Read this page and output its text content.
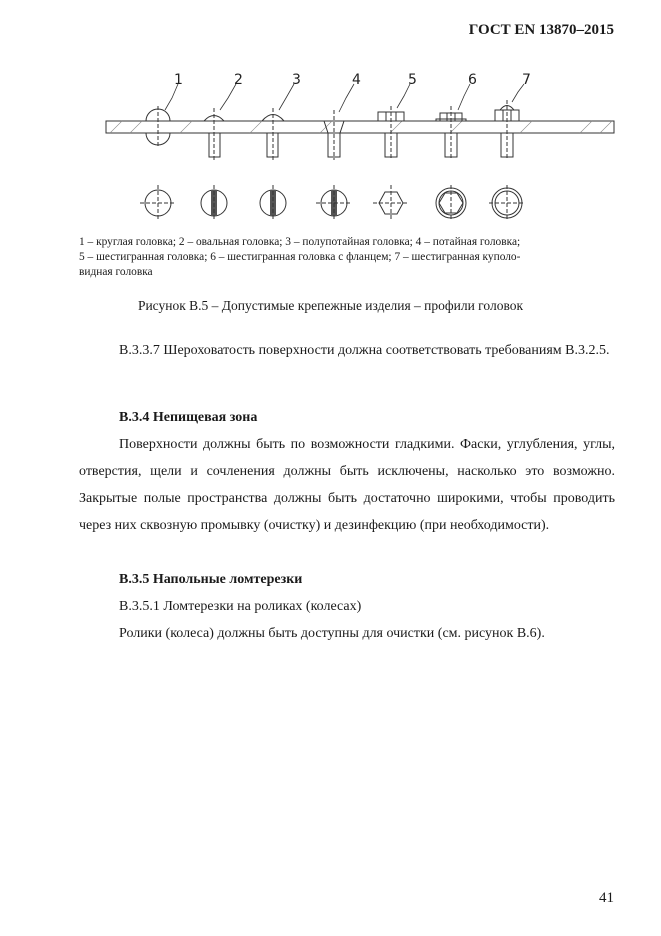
ГОСТ EN 13870–2015
1	2	3	4	5	6	7
1 – круглая головка; 2 – овальная головка; 3 – полупотайная головка; 4 – потайная головка;
5 – шестигранная головка; 6 – шестигранная головка с фланцем; 7 – шестигранная куполо-
видная головка
Рисунок В.5 – Допустимые крепежные изделия – профили головок

В.3.3.7 Шероховатость поверхности должна соответствовать требованиям В.3.2.5.

В.3.4 Непищевая зона

Поверхности должны быть по возможности гладкими. Фаски, углубления, углы, отверстия, щели и сочленения должны быть исключены, насколько это возможно. Закрытые полые пространства должны быть достаточно широкими, чтобы проводить через них сквозную промывку (очистку) и дезинфекцию (при необходимости).

В.3.5 Напольные ломтерезки

В.3.5.1 Ломтерезки на роликах (колесах)

Ролики (колеса) должны быть доступны для очистки (см. рисунок В.6).

41
